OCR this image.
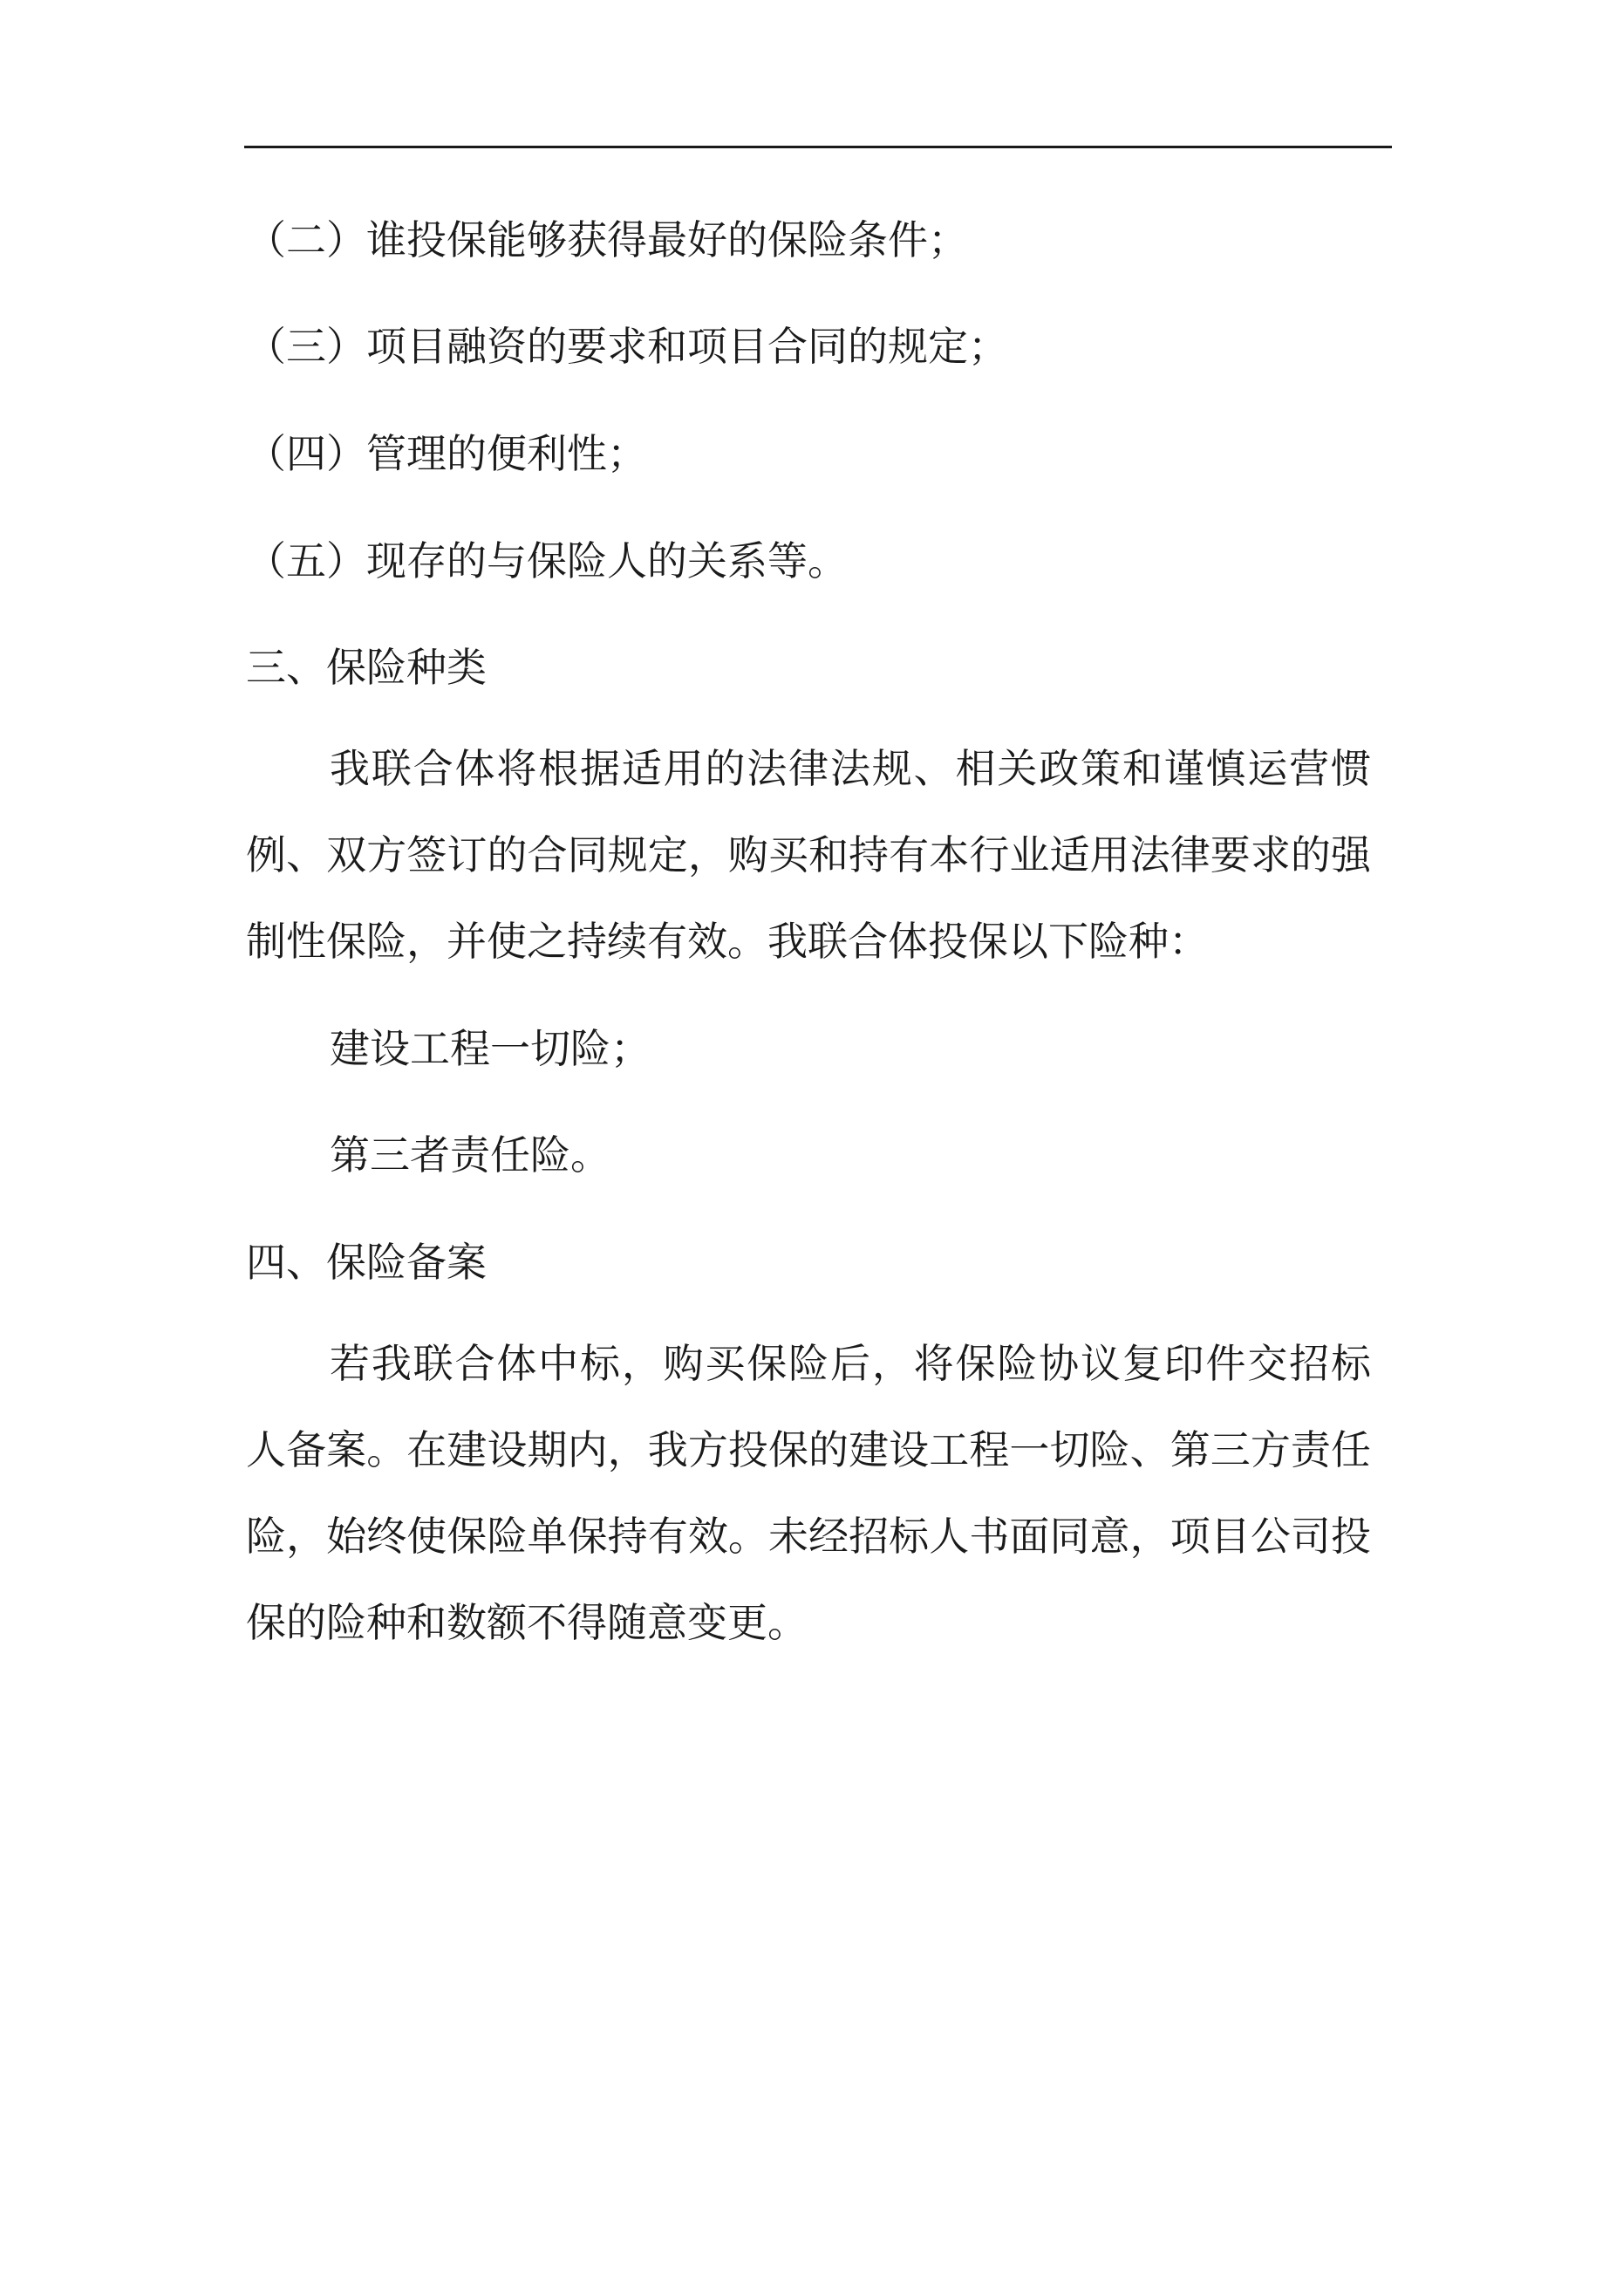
（二）谁投保能够获得最好的保险条件；

（三）项目融资的要求和项目合同的规定；

（四）管理的便利性；

（五）现存的与保险人的关系等。

三、保险种类

我联合体将根据适用的法律法规、相关政策和谨慎运营惯例、双方签订的合同规定，购买和持有本行业适用法律要求的强制性保险，并使之持续有效。我联合体投保以下险种：

建设工程一切险；

第三者责任险。

四、保险备案

若我联合体中标，购买保险后，将保险协议复印件交招标人备案。在建设期内，我方投保的建设工程一切险、第三方责任险，始终使保险单保持有效。未经招标人书面同意，项目公司投保的险种和数额不得随意变更。
